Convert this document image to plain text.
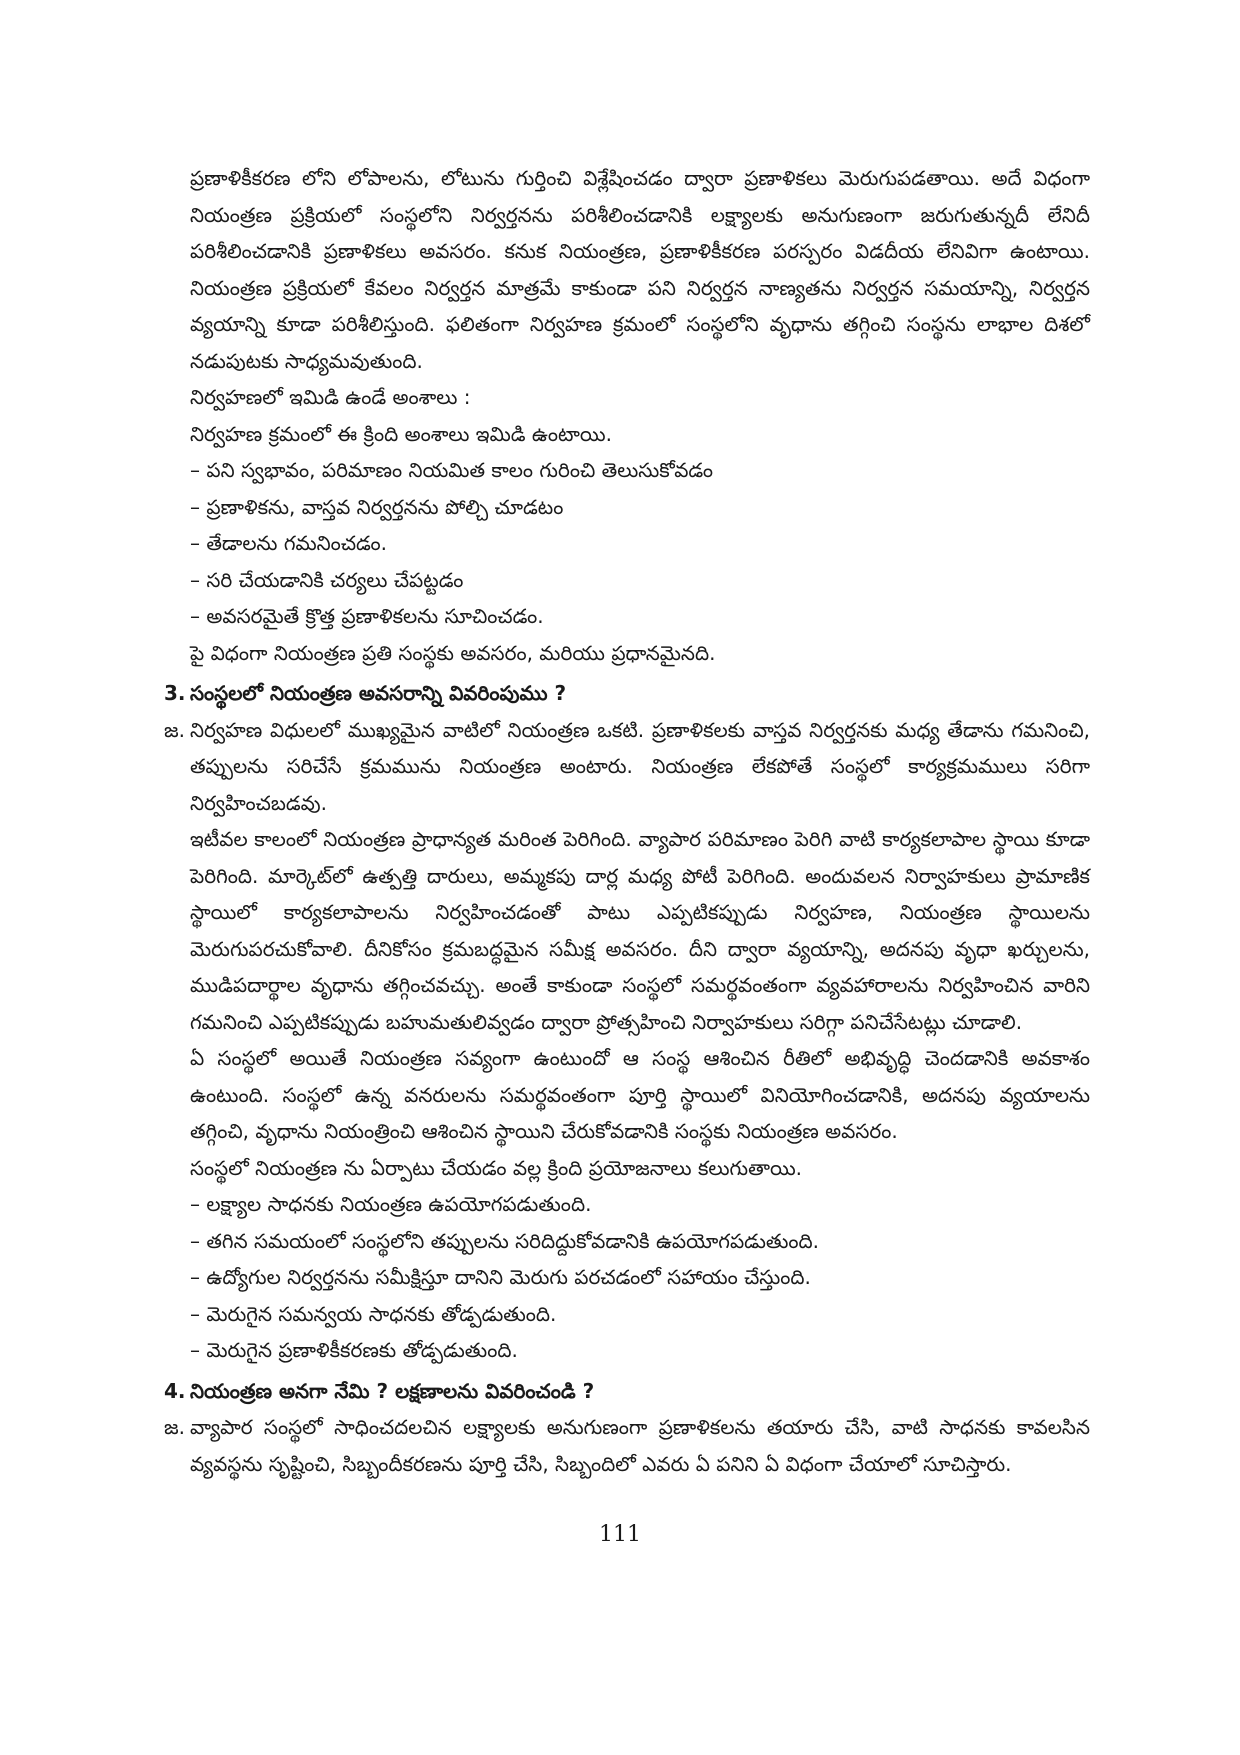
ప్రణాళికీకరణ లోని లోపాలను, లోటును గుర్తించి విశ్లేషించడం ద్వారా ప్రణాళికలు మెరుగుపడతాయి. అదే విధంగా నియంత్రణ ప్రక్రియలో సంస్థలోని నిర్వర్తనను పరిశీలించడానికి లక్ష్యాలకు అనుగుణంగా జరుగుతున్నదీ లేనిదీ పరిశీలించడానికి ప్రణాళికలు అవసరం. కనుక నియంత్రణ, ప్రణాళికీకరణ పరస్పరం విడదీయ లేనివిగా ఉంటాయి. నియంత్రణ ప్రక్రియలో కేవలం నిర్వర్తన మాత్రమే కాకుండా పని నిర్వర్తన నాణ్యతను నిర్వర్తన సమయాన్ని, నిర్వర్తన వ్యయాన్ని కూడా పరిశీలిస్తుంది. ఫలితంగా నిర్వహణ క్రమంలో సంస్థలోని వృధాను తగ్గించి సంస్థను లాభాల దిశలో నడుపుటకు సాధ్యమవుతుంది.

నిర్వహణలో ఇమిడి ఉండే అంశాలు :

నిర్వహణ క్రమంలో ఈ క్రింది అంశాలు ఇమిడి ఉంటాయి.

– పని స్వభావం, పరిమాణం నియమిత కాలం గురించి తెలుసుకోవడం

– ప్రణాళికను, వాస్తవ నిర్వర్తనను పోల్చి చూడటం

– తేడాలను గమనించడం.

– సరి చేయడానికి చర్యలు చేపట్టడం

– అవసరమైతే క్రొత్త ప్రణాళికలను సూచించడం.

పై విధంగా నియంత్రణ ప్రతి సంస్థకు అవసరం, మరియు ప్రధానమైనది.

3. సంస్థలలో నియంత్రణ అవసరాన్ని వివరింపుము ?
జ. నిర్వహణ విధులలో ముఖ్యమైన వాటిలో నియంత్రణ ఒకటి. ప్రణాళికలకు వాస్తవ నిర్వర్తనకు మధ్య తేడాను గమనించి, తప్పులను సరిచేసే క్రమమును నియంత్రణ అంటారు. నియంత్రణ లేకపోతే సంస్థలో కార్యక్రమములు సరిగా నిర్వహించబడవు.

ఇటీవల కాలంలో నియంత్రణ ప్రాధాన్యత మరింత పెరిగింది. వ్యాపార పరిమాణం పెరిగి వాటి కార్యకలాపాల స్థాయి కూడా పెరిగింది. మార్కెట్‌లో ఉత్పత్తి దారులు, అమ్మకపు దార్ల మధ్య పోటీ పెరిగింది. అందువలన నిర్వాహకులు ప్రామాణిక స్థాయిలో కార్యకలాపాలను నిర్వహించడంతో పాటు ఎప్పటికప్పుడు నిర్వహణ, నియంత్రణ స్థాయిలను మెరుగుపరచుకోవాలి. దీనికోసం క్రమబద్ధమైన సమీక్ష అవసరం. దీని ద్వారా వ్యయాన్ని, అదనపు వృధా ఖర్చులను, ముడిపదార్థాల వృధాను తగ్గించవచ్చు. అంతే కాకుండా సంస్థలో సమర్థవంతంగా వ్యవహారాలను నిర్వహించిన వారిని గమనించి ఎప్పటికప్పుడు బహుమతులివ్వడం ద్వారా ప్రోత్సహించి నిర్వాహకులు సరిగ్గా పనిచేసేటట్లు చూడాలి.

ఏ సంస్థలో అయితే నియంత్రణ సవ్యంగా ఉంటుందో ఆ సంస్థ ఆశించిన రీతిలో అభివృద్ధి చెందడానికి అవకాశం ఉంటుంది. సంస్థలో ఉన్న వనరులను సమర్థవంతంగా పూర్తి స్థాయిలో వినియోగించడానికి, అదనపు వ్యయాలను తగ్గించి, వృధాను నియంత్రించి ఆశించిన స్థాయిని చేరుకోవడానికి సంస్థకు నియంత్రణ అవసరం.

సంస్థలో నియంత్రణ ను ఏర్పాటు చేయడం వల్ల క్రింది ప్రయోజనాలు కలుగుతాయి.

– లక్ష్యాల సాధనకు నియంత్రణ ఉపయోగపడుతుంది.

– తగిన సమయంలో సంస్థలోని తప్పులను సరిదిద్దుకోవడానికి ఉపయోగపడుతుంది.

– ఉద్యోగుల నిర్వర్తనను సమీక్షిస్తూ దానిని మెరుగు పరచడంలో సహాయం చేస్తుంది.

– మెరుగైన సమన్వయ సాధనకు తోడ్పడుతుంది.

– మెరుగైన ప్రణాళికీకరణకు తోడ్పడుతుంది.

4. నియంత్రణ అనగా నేమి ? లక్షణాలను వివరించండి ?
జ. వ్యాపార సంస్థలో సాధించదలచిన లక్ష్యాలకు అనుగుణంగా ప్రణాళికలను తయారు చేసి, వాటి సాధనకు కావలసిన వ్యవస్థను సృష్టించి, సిబ్బందీకరణను పూర్తి చేసి, సిబ్బందిలో ఎవరు ఏ పనిని ఏ విధంగా చేయాలో సూచిస్తారు.
111
